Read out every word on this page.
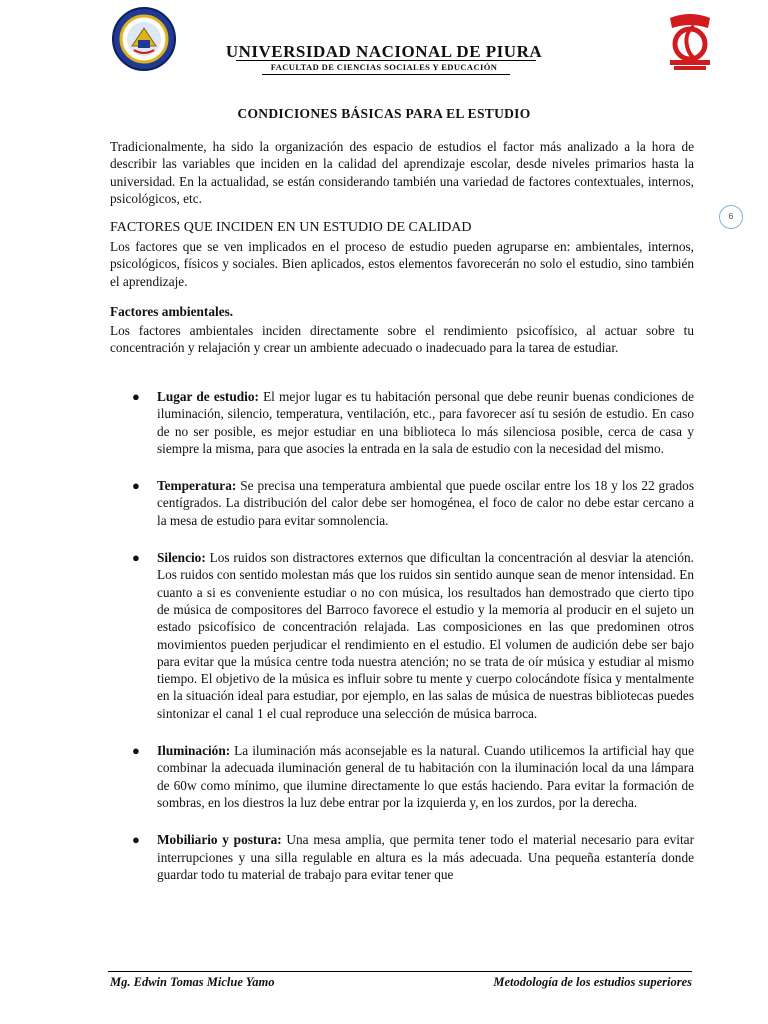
UNIVERSIDAD NACIONAL DE PIURA
FACULTAD DE CIENCIAS SOCIALES Y EDUCACIÓN
CONDICIONES BÁSICAS PARA EL ESTUDIO
Tradicionalmente, ha sido la organización des espacio de estudios el factor más analizado a la hora de describir las variables que inciden en la calidad del aprendizaje escolar, desde niveles primarios hasta la universidad. En la actualidad, se están considerando también una variedad de factores contextuales, internos, psicológicos, etc.
FACTORES QUE INCIDEN EN UN ESTUDIO DE CALIDAD
Los factores que se ven implicados en el proceso de estudio pueden agruparse en: ambientales, internos, psicológicos, físicos y sociales. Bien aplicados, estos elementos favorecerán no solo el estudio, sino también el aprendizaje.
Factores ambientales.
Los factores ambientales inciden directamente sobre el rendimiento psicofísico, al actuar sobre tu concentración y relajación y crear un ambiente adecuado o inadecuado para la tarea de estudiar.
● Lugar de estudio: El mejor lugar es tu habitación personal que debe reunir buenas condiciones de iluminación, silencio, temperatura, ventilación, etc., para favorecer así tu sesión de estudio. En caso de no ser posible, es mejor estudiar en una biblioteca lo más silenciosa posible, cerca de casa y siempre la misma, para que asocies la entrada en la sala de estudio con la necesidad del mismo.
● Temperatura: Se precisa una temperatura ambiental que puede oscilar entre los 18 y los 22 grados centígrados. La distribución del calor debe ser homogénea, el foco de calor no debe estar cercano a la mesa de estudio para evitar somnolencia.
● Silencio: Los ruidos son distractores externos que dificultan la concentración al desviar la atención. Los ruidos con sentido molestan más que los ruidos sin sentido aunque sean de menor intensidad. En cuanto a si es conveniente estudiar o no con música, los resultados han demostrado que cierto tipo de música de compositores del Barroco favorece el estudio y la memoria al producir en el sujeto un estado psicofísico de concentración relajada. Las composiciones en las que predominen otros movimientos pueden perjudicar el rendimiento en el estudio. El volumen de audición debe ser bajo para evitar que la música centre toda nuestra atención; no se trata de oír música y estudiar al mismo tiempo. El objetivo de la música es influir sobre tu mente y cuerpo colocándote física y mentalmente en la situación ideal para estudiar, por ejemplo, en las salas de música de nuestras bibliotecas puedes sintonizar el canal 1 el cual reproduce una selección de música barroca.
● Iluminación: La iluminación más aconsejable es la natural. Cuando utilicemos la artificial hay que combinar la adecuada iluminación general de tu habitación con la iluminación local da una lámpara de 60w como mínimo, que ilumine directamente lo que estás haciendo. Para evitar la formación de sombras, en los diestros la luz debe entrar por la izquierda y, en los zurdos, por la derecha.
● Mobiliario y postura: Una mesa amplia, que permita tener todo el material necesario para evitar interrupciones y una silla regulable en altura es la más adecuada. Una pequeña estantería donde guardar todo tu material de trabajo para evitar tener que
6
Mg. Edwin Tomas Miclue Yamo	Metodología de los estudios superiores
